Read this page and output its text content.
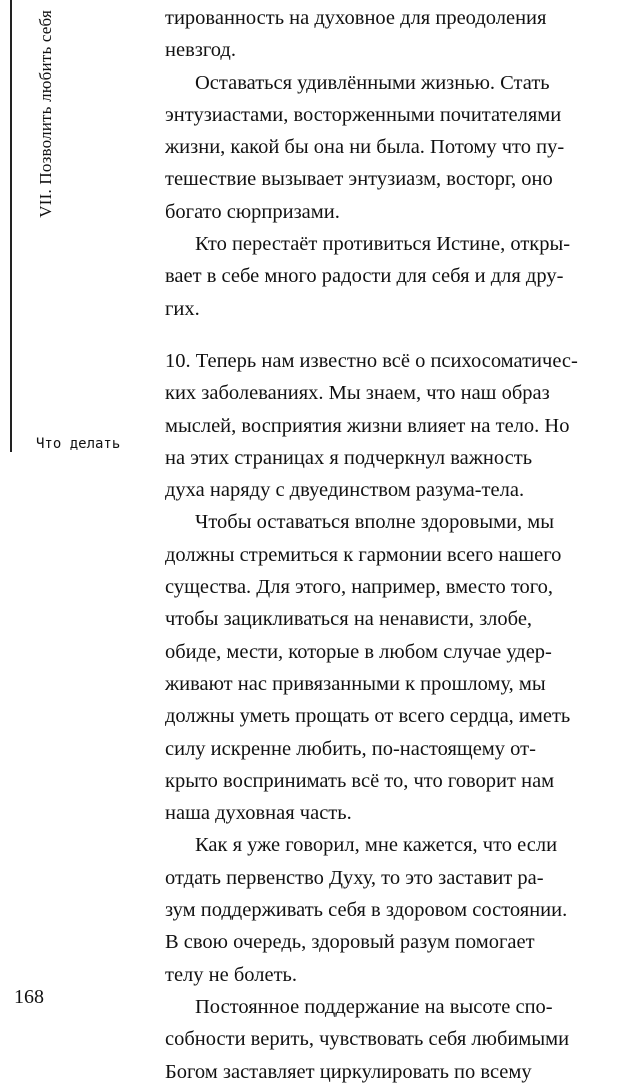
VII. Позволить любить себя
Что делать
168

тированность на духовное для преодоления
невзгод.

Оставаться удивлёнными жизнью. Стать
энтузиастами, восторженными почитателями
жизни, какой бы она ни была. Потому что пу-
тешествие вызывает энтузиазм, восторг, оно
богато сюрпризами.

Кто перестаёт противиться Истине, откры-
вает в себе много радости для себя и для дру-
гих.

10. Теперь нам известно всё о психосоматичес-
ких заболеваниях. Мы знаем, что наш образ
мыслей, восприятия жизни влияет на тело. Но
на этих страницах я подчеркнул важность
духа наряду с двуединством разума-тела.

Чтобы оставаться вполне здоровыми, мы
должны стремиться к гармонии всего нашего
существа. Для этого, например, вместо того,
чтобы зацикливаться на ненависти, злобе,
обиде, мести, которые в любом случае удер-
живают нас привязанными к прошлому, мы
должны уметь прощать от всего сердца, иметь
силу искренне любить, по-настоящему от-
крыто воспринимать всё то, что говорит нам
наша духовная часть.

Как я уже говорил, мне кажется, что если
отдать первенство Духу, то это заставит ра-
зум поддерживать себя в здоровом состоянии.
В свою очередь, здоровый разум помогает
телу не болеть.

Постоянное поддержание на высоте спо-
собности верить, чувствовать себя любимыми
Богом заставляет циркулировать по всему
